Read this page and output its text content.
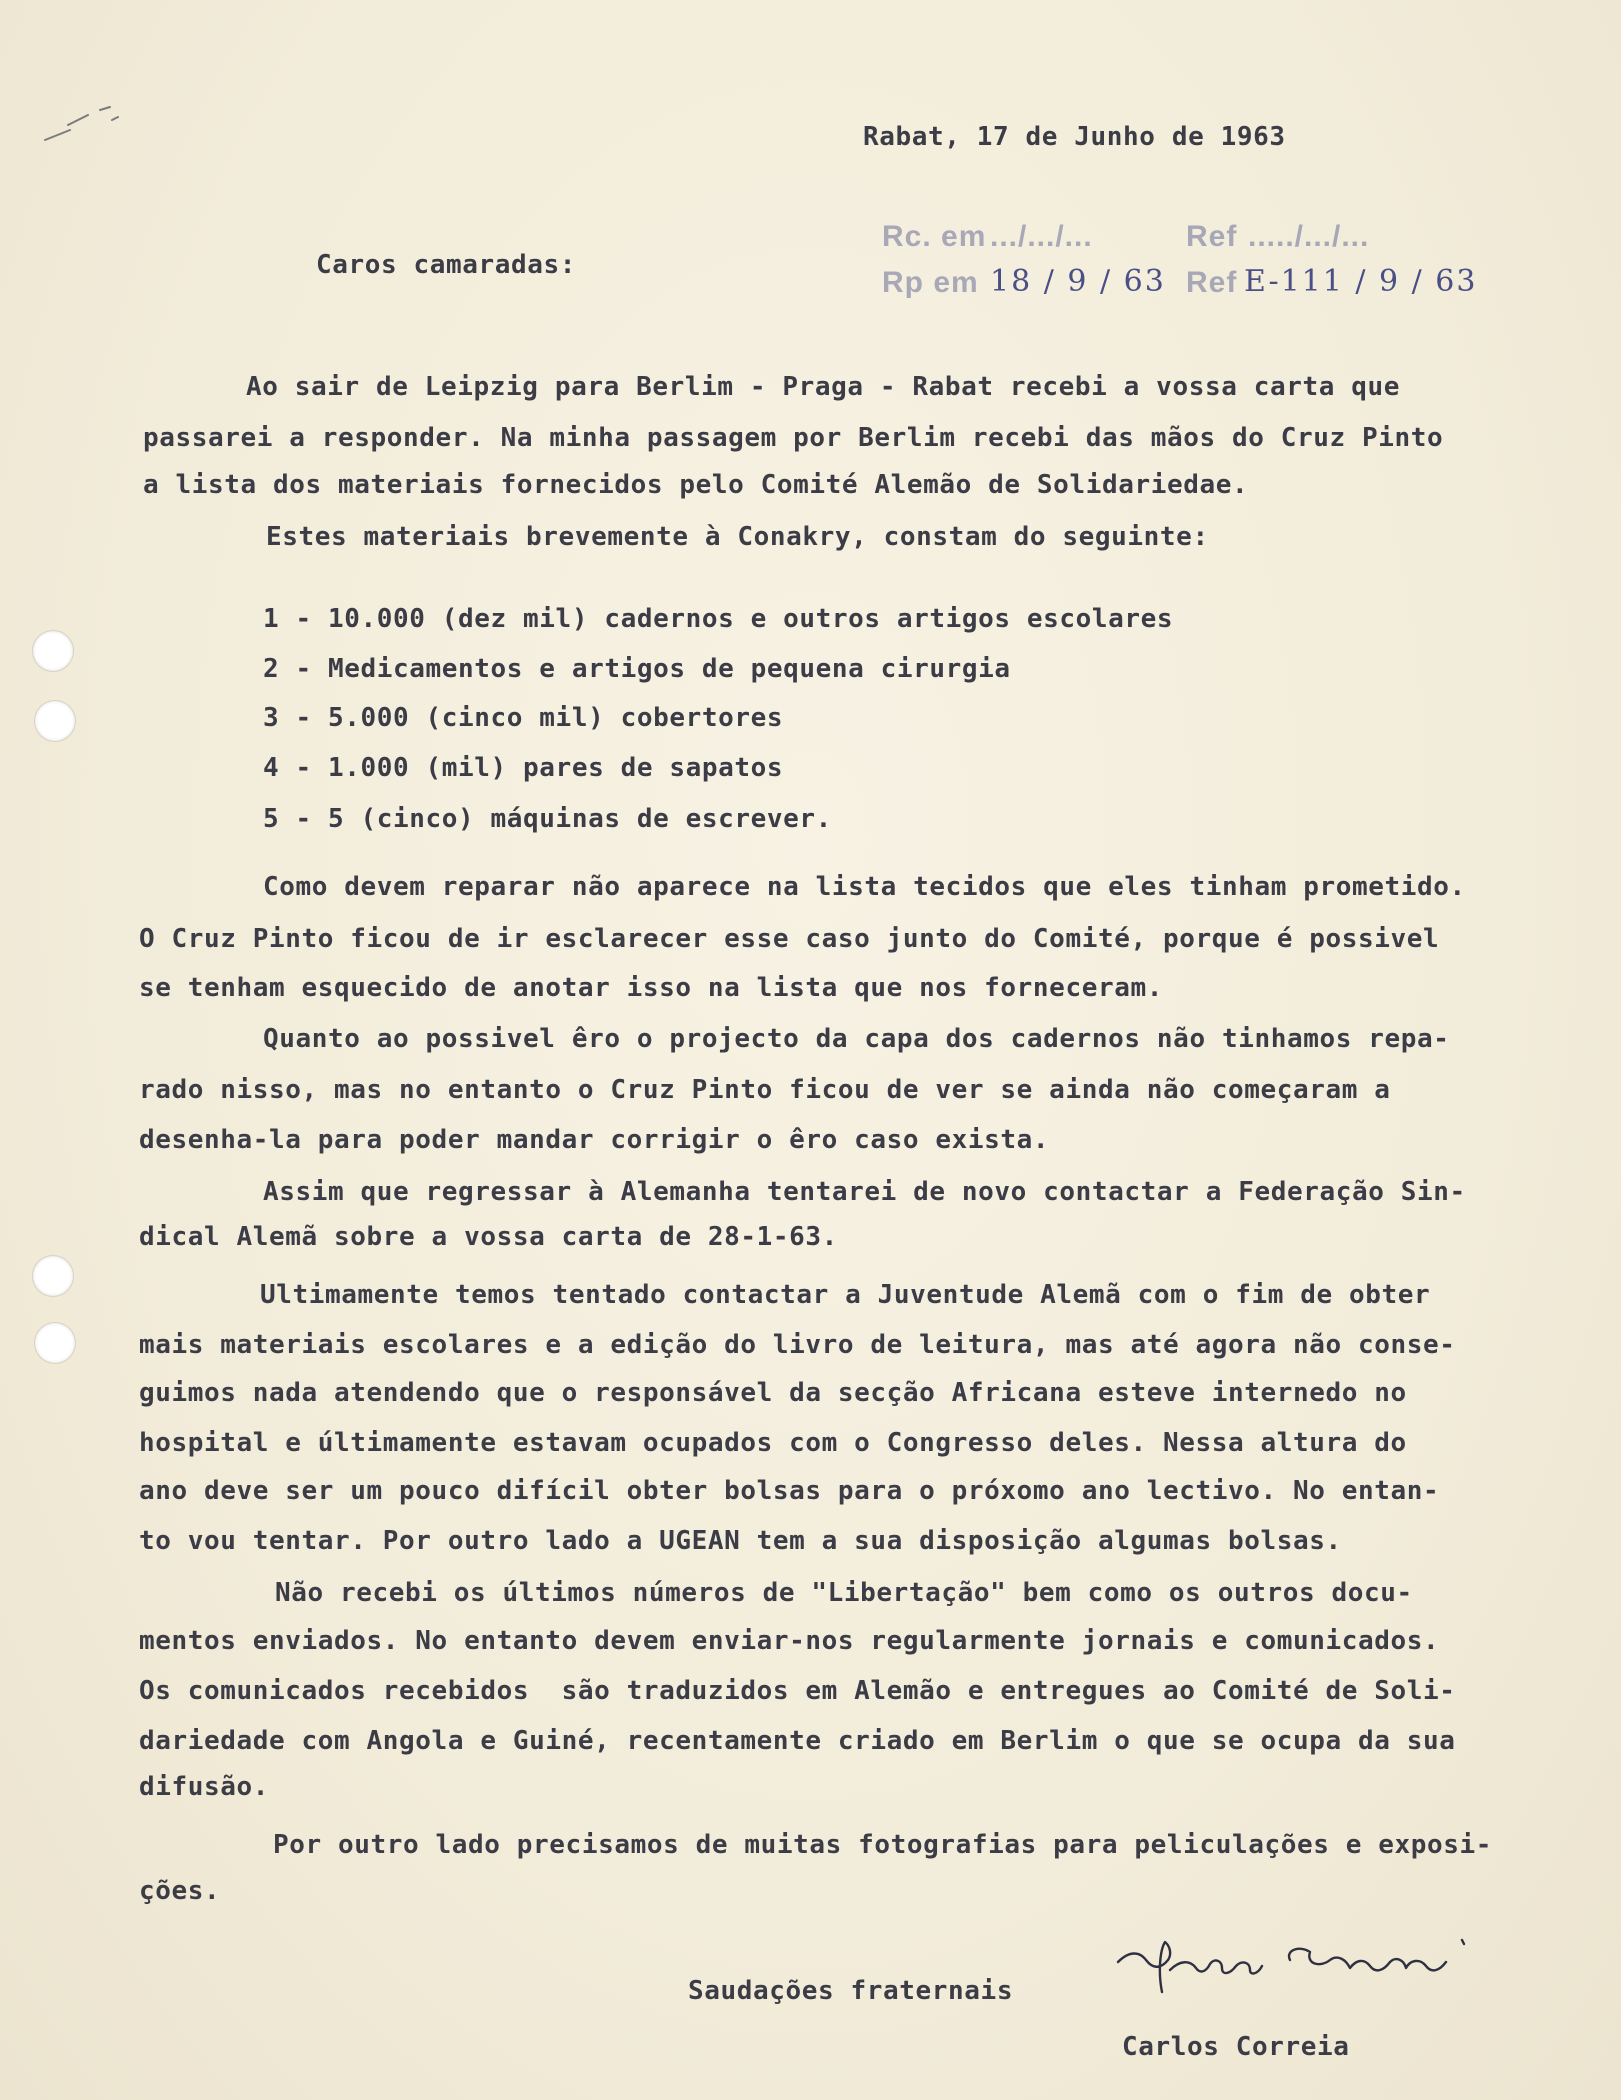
Rabat, 17 de Junho de 1963
Caros camaradas:
Rc. em .../.../...	Ref ...../.../...
Rp em 18 / 9 / 63 Ref E-111 / 9 / 63
Ao sair de Leipzig para Berlim - Praga - Rabat recebi a vossa carta que
passarei a responder. Na minha passagem por Berlim recebi das mãos do Cruz Pinto
a lista dos materiais fornecidos pelo Comité Alemão de Solidariedae.
Estes materiais brevemente à Conakry, constam do seguinte:
1 - 10.000 (dez mil) cadernos e outros artigos escolares
2 - Medicamentos e artigos de pequena cirurgia
3 - 5.000 (cinco mil) cobertores
4 - 1.000 (mil) pares de sapatos
5 - 5 (cinco) máquinas de escrever.
Como devem reparar não aparece na lista tecidos que eles tinham prometido.
O Cruz Pinto ficou de ir esclarecer esse caso junto do Comité, porque é possivel
se tenham esquecido de anotar isso na lista que nos forneceram.
Quanto ao possivel êro o projecto da capa dos cadernos não tinhamos repa-
rado nisso, mas no entanto o Cruz Pinto ficou de ver se ainda não começaram a
desenha-la para poder mandar corrigir o êro caso exista.
Assim que regressar à Alemanha tentarei de novo contactar a Federação Sin-
dical Alemã sobre a vossa carta de 28-1-63.
Ultimamente temos tentado contactar a Juventude Alemã com o fim de obter
mais materiais escolares e a edição do livro de leitura, mas até agora não conse-
guimos nada atendendo que o responsável da secção Africana esteve internedo no
hospital e últimamente estavam ocupados com o Congresso deles. Nessa altura do
ano deve ser um pouco difícil obter bolsas para o próxomo ano lectivo. No entan-
to vou tentar. Por outro lado a UGEAN tem a sua disposição algumas bolsas.
Não recebi os últimos números de "Libertação" bem como os outros docu-
mentos enviados. No entanto devem enviar-nos regularmente jornais e comunicados.
Os comunicados recebidos  são traduzidos em Alemão e entregues ao Comité de Soli-
dariedade com Angola e Guiné, recentamente criado em Berlim o que se ocupa da sua
difusão.
Por outro lado precisamos de muitas fotografias para peliculações e exposi-
ções.
Saudações fraternais
Carlos Correia
